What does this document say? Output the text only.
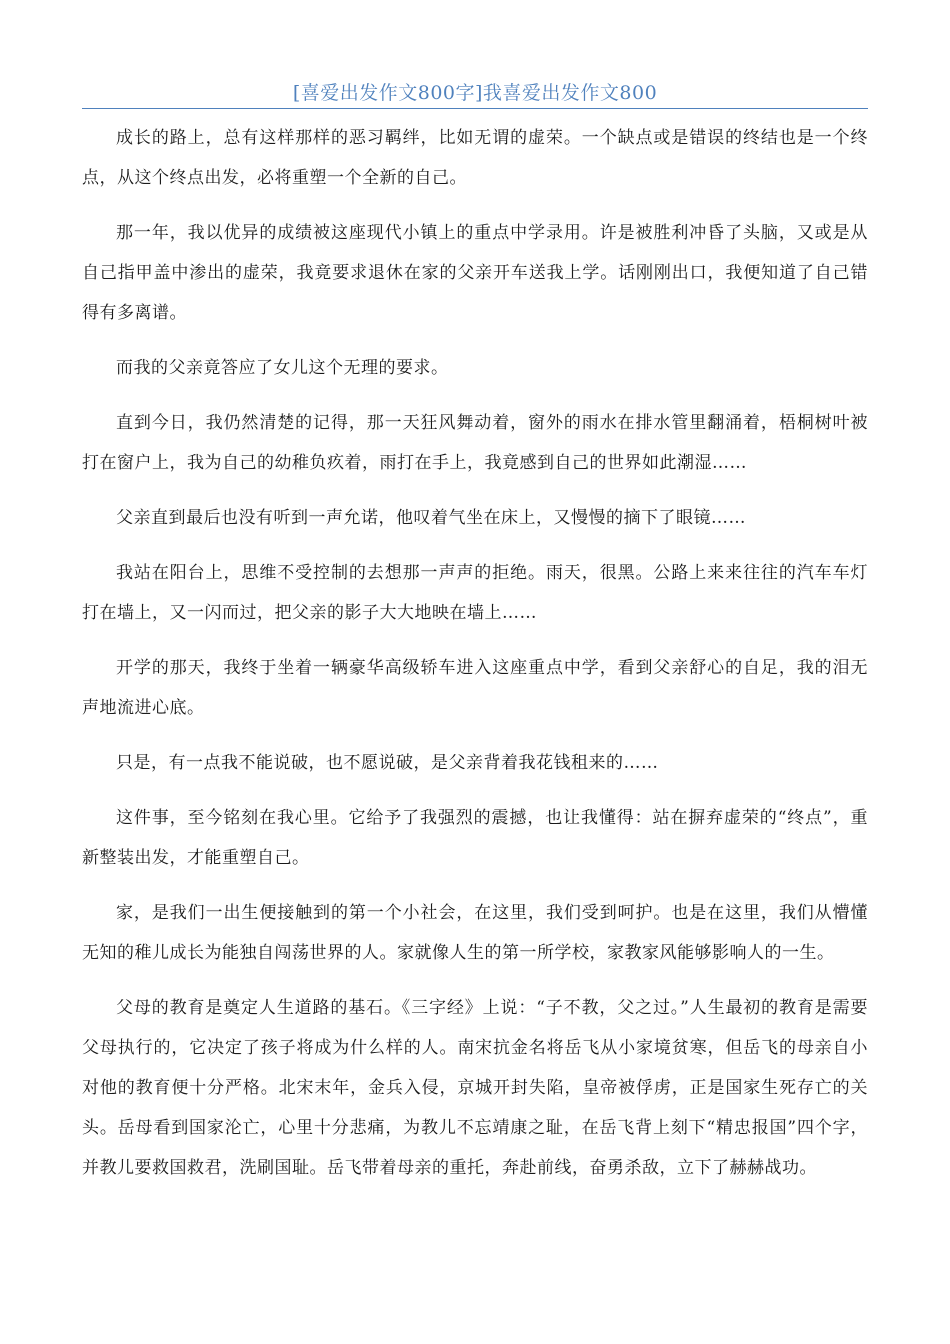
[喜爱出发作文800字]我喜爱出发作文800

成长的路上，总有这样那样的恶习羁绊，比如无谓的虚荣。一个缺点或是错误的终结也是一个终点，从这个终点出发，必将重塑一个全新的自己。

那一年，我以优异的成绩被这座现代小镇上的重点中学录用。许是被胜利冲昏了头脑，又或是从自己指甲盖中渗出的虚荣，我竟要求退休在家的父亲开车送我上学。话刚刚出口，我便知道了自己错得有多离谱。

而我的父亲竟答应了女儿这个无理的要求。

直到今日，我仍然清楚的记得，那一天狂风舞动着，窗外的雨水在排水管里翻涌着，梧桐树叶被打在窗户上，我为自己的幼稚负疚着，雨打在手上，我竟感到自己的世界如此潮湿……

父亲直到最后也没有听到一声允诺，他叹着气坐在床上，又慢慢的摘下了眼镜……

我站在阳台上，思维不受控制的去想那一声声的拒绝。雨天，很黑。公路上来来往往的汽车车灯打在墙上，又一闪而过，把父亲的影子大大地映在墙上……

开学的那天，我终于坐着一辆豪华高级轿车进入这座重点中学，看到父亲舒心的自足，我的泪无声地流进心底。

只是，有一点我不能说破，也不愿说破，是父亲背着我花钱租来的……

这件事，至今铭刻在我心里。它给予了我强烈的震撼，也让我懂得：站在摒弃虚荣的“终点”，重新整装出发，才能重塑自己。

家，是我们一出生便接触到的第一个小社会，在这里，我们受到呵护。也是在这里，我们从懵懂无知的稚儿成长为能独自闯荡世界的人。家就像人生的第一所学校，家教家风能够影响人的一生。

父母的教育是奠定人生道路的基石。《三字经》上说：“子不教，父之过。”人生最初的教育是需要父母执行的，它决定了孩子将成为什么样的人。南宋抗金名将岳飞从小家境贫寒，但岳飞的母亲自小对他的教育便十分严格。北宋末年，金兵入侵，京城开封失陷，皇帝被俘虏，正是国家生死存亡的关头。岳母看到国家沦亡，心里十分悲痛，为教儿不忘靖康之耻，在岳飞背上刻下“精忠报国”四个字，并教儿要救国救君，洗刷国耻。岳飞带着母亲的重托，奔赴前线，奋勇杀敌，立下了赫赫战功。
